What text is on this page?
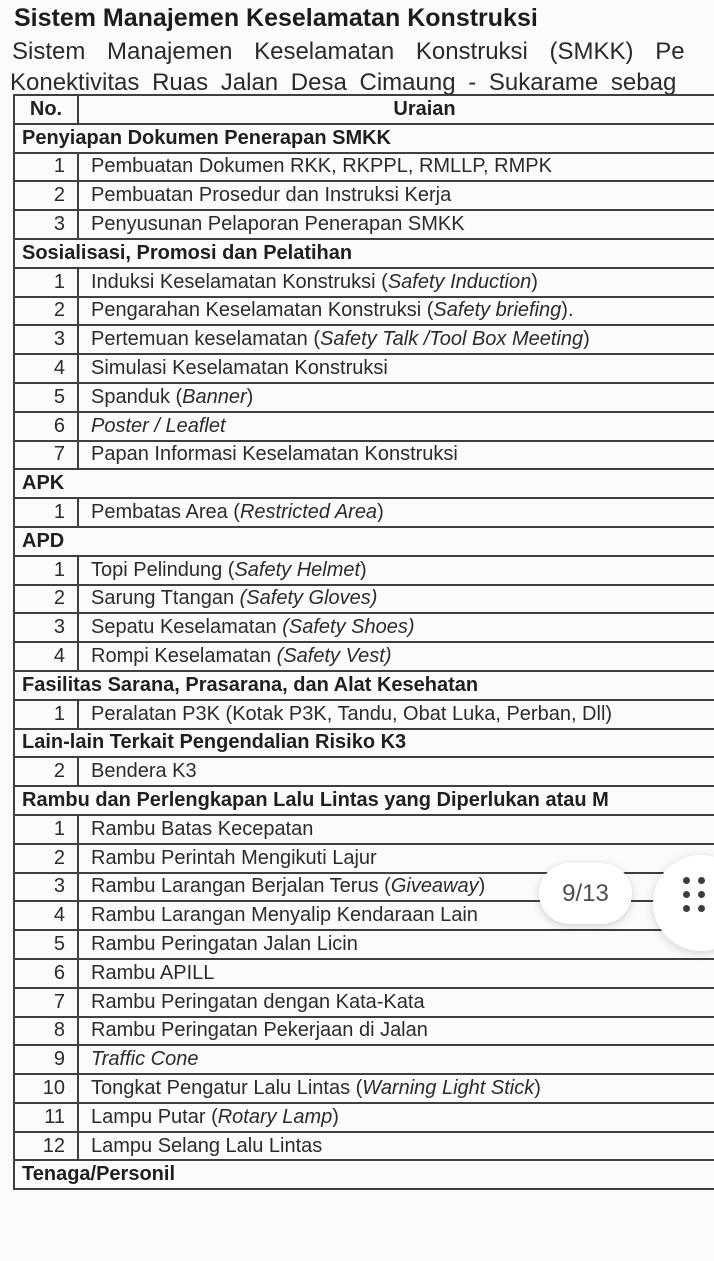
Sistem Manajemen Keselamatan Konstruksi
Sistem Manajemen Keselamatan Konstruksi (SMKK) Pe
Konektivitas Ruas Jalan Desa Cimaung - Sukarame sebag
No.	Uraian
Penyiapan Dokumen Penerapan SMKK	
1	Pembuatan Dokumen RKK, RKPPL, RMLLP, RMPK
2	Pembuatan Prosedur dan Instruksi Kerja
3	Penyusunan Pelaporan Penerapan SMKK
Sosialisasi, Promosi dan Pelatihan	
1	Induksi Keselamatan Konstruksi (Safety Induction)
2	Pengarahan Keselamatan Konstruksi (Safety briefing).
3	Pertemuan keselamatan (Safety Talk /Tool Box Meeting)
4	Simulasi Keselamatan Konstruksi
5	Spanduk (Banner)
6	Poster / Leaflet
7	Papan Informasi Keselamatan Konstruksi
APK	
1	Pembatas Area (Restricted Area)
APD	
1	Topi Pelindung (Safety Helmet)
2	Sarung Ttangan (Safety Gloves)
3	Sepatu Keselamatan (Safety Shoes)
4	Rompi Keselamatan (Safety Vest)
Fasilitas Sarana, Prasarana, dan Alat Kesehatan	
1	Peralatan P3K (Kotak P3K, Tandu, Obat Luka, Perban, Dll)
Lain-lain Terkait Pengendalian Risiko K3	
2	Bendera K3
Rambu dan Perlengkapan Lalu Lintas yang Diperlukan atau M	
1	Rambu Batas Kecepatan
2	Rambu Perintah Mengikuti Lajur
3	Rambu Larangan Berjalan Terus (Giveaway)
4	Rambu Larangan Menyalip Kendaraan Lain
5	Rambu Peringatan Jalan Licin
6	Rambu APILL
7	Rambu Peringatan dengan Kata-Kata
8	Rambu Peringatan Pekerjaan di Jalan
9	Traffic Cone
10	Tongkat Pengatur Lalu Lintas (Warning Light Stick)
11	Lampu Putar (Rotary Lamp)
12	Lampu Selang Lalu Lintas
Tenaga/Personil	
9/13
